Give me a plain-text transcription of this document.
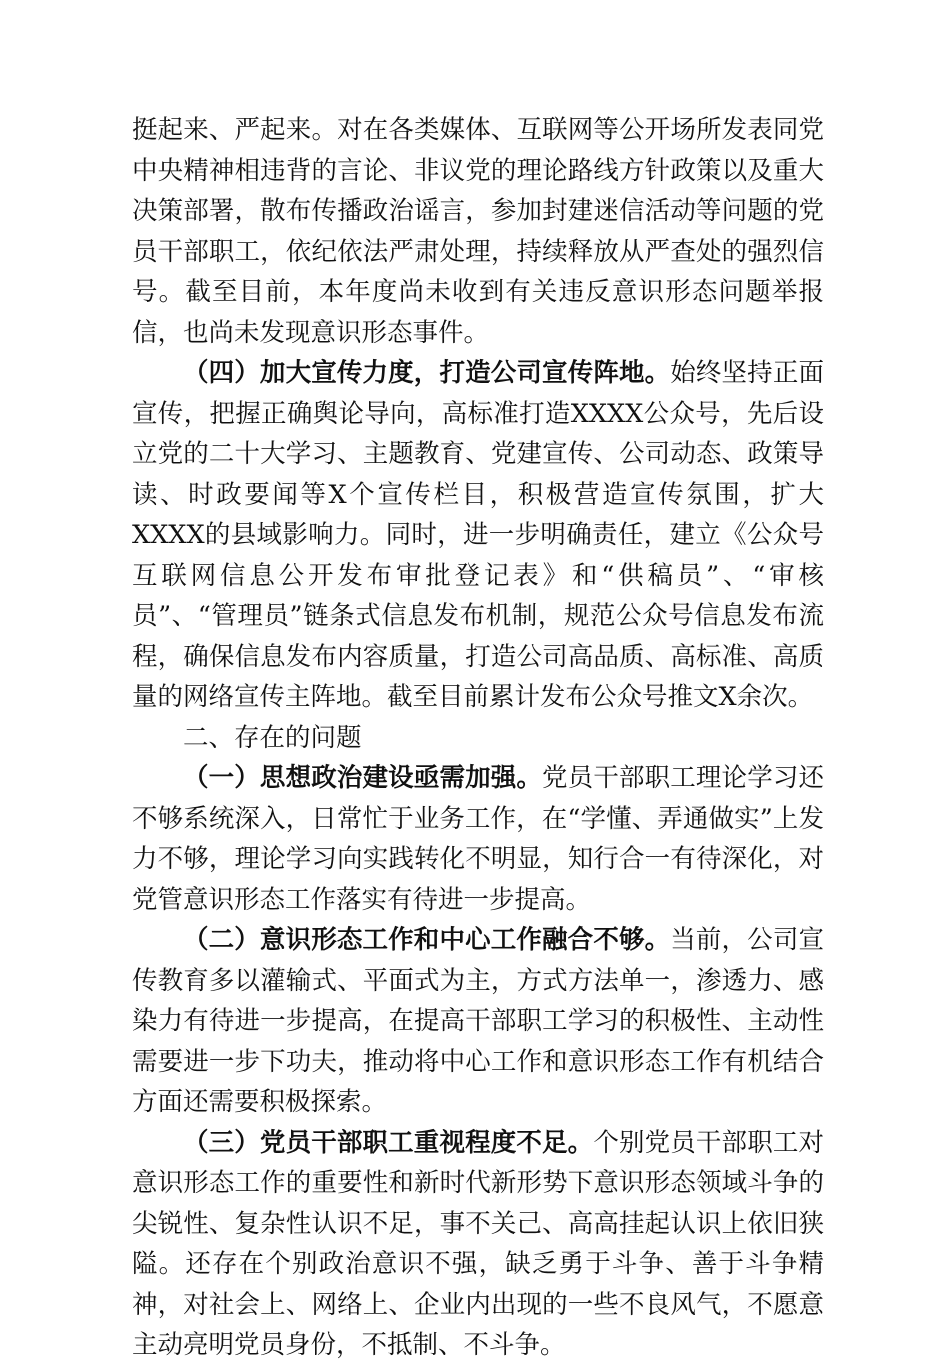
挺起来、严起来。对在各类媒体、互联网等公开场所发表同党中央精神相违背的言论、非议党的理论路线方针政策以及重大决策部署，散布传播政治谣言，参加封建迷信活动等问题的党员干部职工，依纪依法严肃处理，持续释放从严查处的强烈信号。截至目前，本年度尚未收到有关违反意识形态问题举报信，也尚未发现意识形态事件。

（四）加大宣传力度，打造公司宣传阵地。始终坚持正面宣传，把握正确舆论导向，高标准打造XXXX公众号，先后设立党的二十大学习、主题教育、党建宣传、公司动态、政策导读、时政要闻等X个宣传栏目，积极营造宣传氛围，扩大XXXX的县域影响力。同时，进一步明确责任，建立《公众号互联网信息公开发布审批登记表》和“供稿员”、“审核员”、“管理员”链条式信息发布机制，规范公众号信息发布流程，确保信息发布内容质量，打造公司高品质、高标准、高质量的网络宣传主阵地。截至目前累计发布公众号推文X余次。

二、存在的问题

（一）思想政治建设亟需加强。党员干部职工理论学习还不够系统深入，日常忙于业务工作，在“学懂、弄通做实”上发力不够，理论学习向实践转化不明显，知行合一有待深化，对党管意识形态工作落实有待进一步提高。

（二）意识形态工作和中心工作融合不够。当前，公司宣传教育多以灌输式、平面式为主，方式方法单一，渗透力、感染力有待进一步提高，在提高干部职工学习的积极性、主动性需要进一步下功夫，推动将中心工作和意识形态工作有机结合方面还需要积极探索。

（三）党员干部职工重视程度不足。个别党员干部职工对意识形态工作的重要性和新时代新形势下意识形态领域斗争的尖锐性、复杂性认识不足，事不关己、高高挂起认识上依旧狭隘。还存在个别政治意识不强，缺乏勇于斗争、善于斗争精神，对社会上、网络上、企业内出现的一些不良风气，不愿意主动亮明党员身份，不抵制、不斗争。
